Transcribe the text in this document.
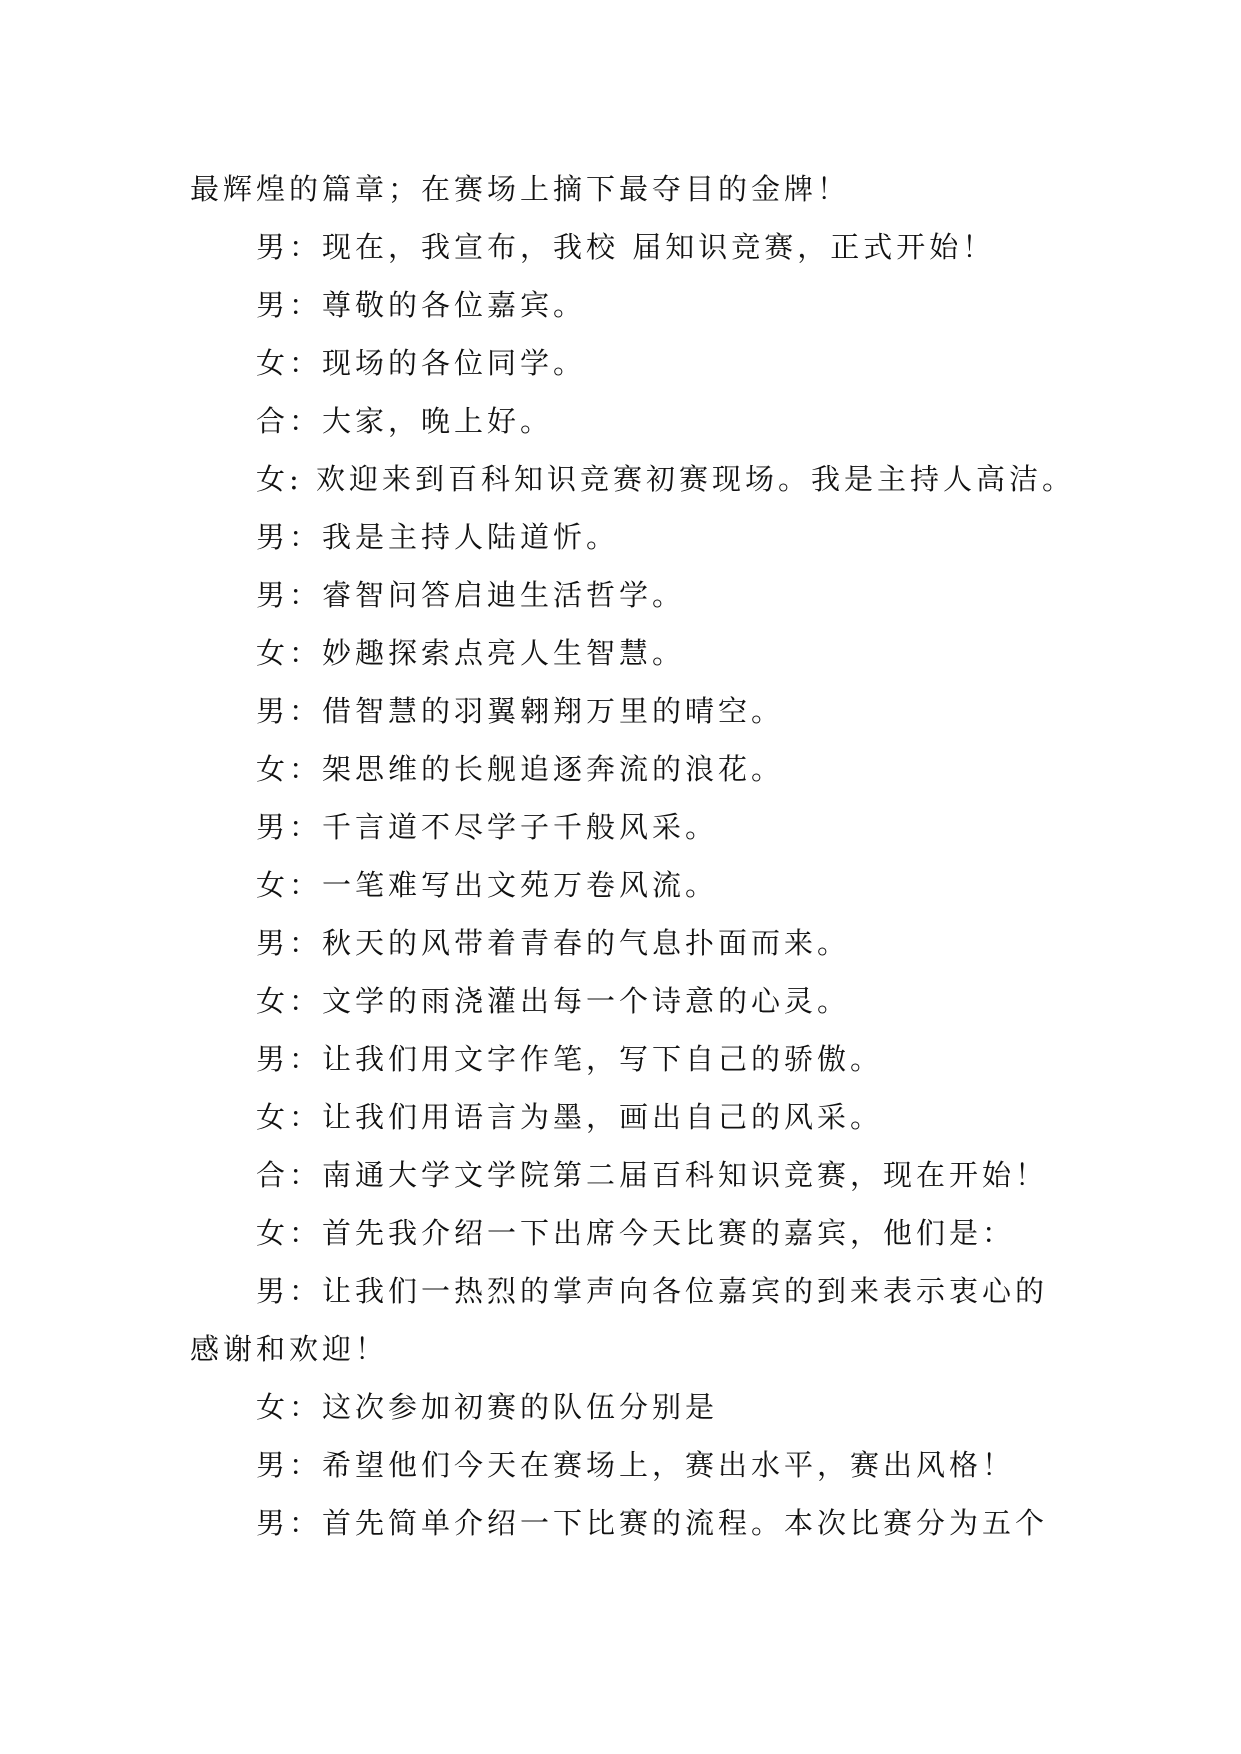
最辉煌的篇章；在赛场上摘下最夺目的金牌！
男：现在，我宣布，我校 届知识竞赛，正式开始！
男：尊敬的各位嘉宾。
女：现场的各位同学。
合：大家，晚上好。
女: 欢迎来到百科知识竞赛初赛现场。我是主持人高洁。
男：我是主持人陆道忻。
男：睿智问答启迪生活哲学。
女：妙趣探索点亮人生智慧。
男：借智慧的羽翼翱翔万里的晴空。
女：架思维的长舰追逐奔流的浪花。
男：千言道不尽学子千般风采。
女：一笔难写出文苑万卷风流。
男：秋天的风带着青春的气息扑面而来。
女：文学的雨浇灌出每一个诗意的心灵。
男：让我们用文字作笔，写下自己的骄傲。
女：让我们用语言为墨，画出自己的风采。
合：南通大学文学院第二届百科知识竞赛，现在开始！
女：首先我介绍一下出席今天比赛的嘉宾，他们是：
男：让我们一热烈的掌声向各位嘉宾的到来表示衷心的
感谢和欢迎！
女：这次参加初赛的队伍分别是
男：希望他们今天在赛场上，赛出水平，赛出风格！
男：首先简单介绍一下比赛的流程。本次比赛分为五个
